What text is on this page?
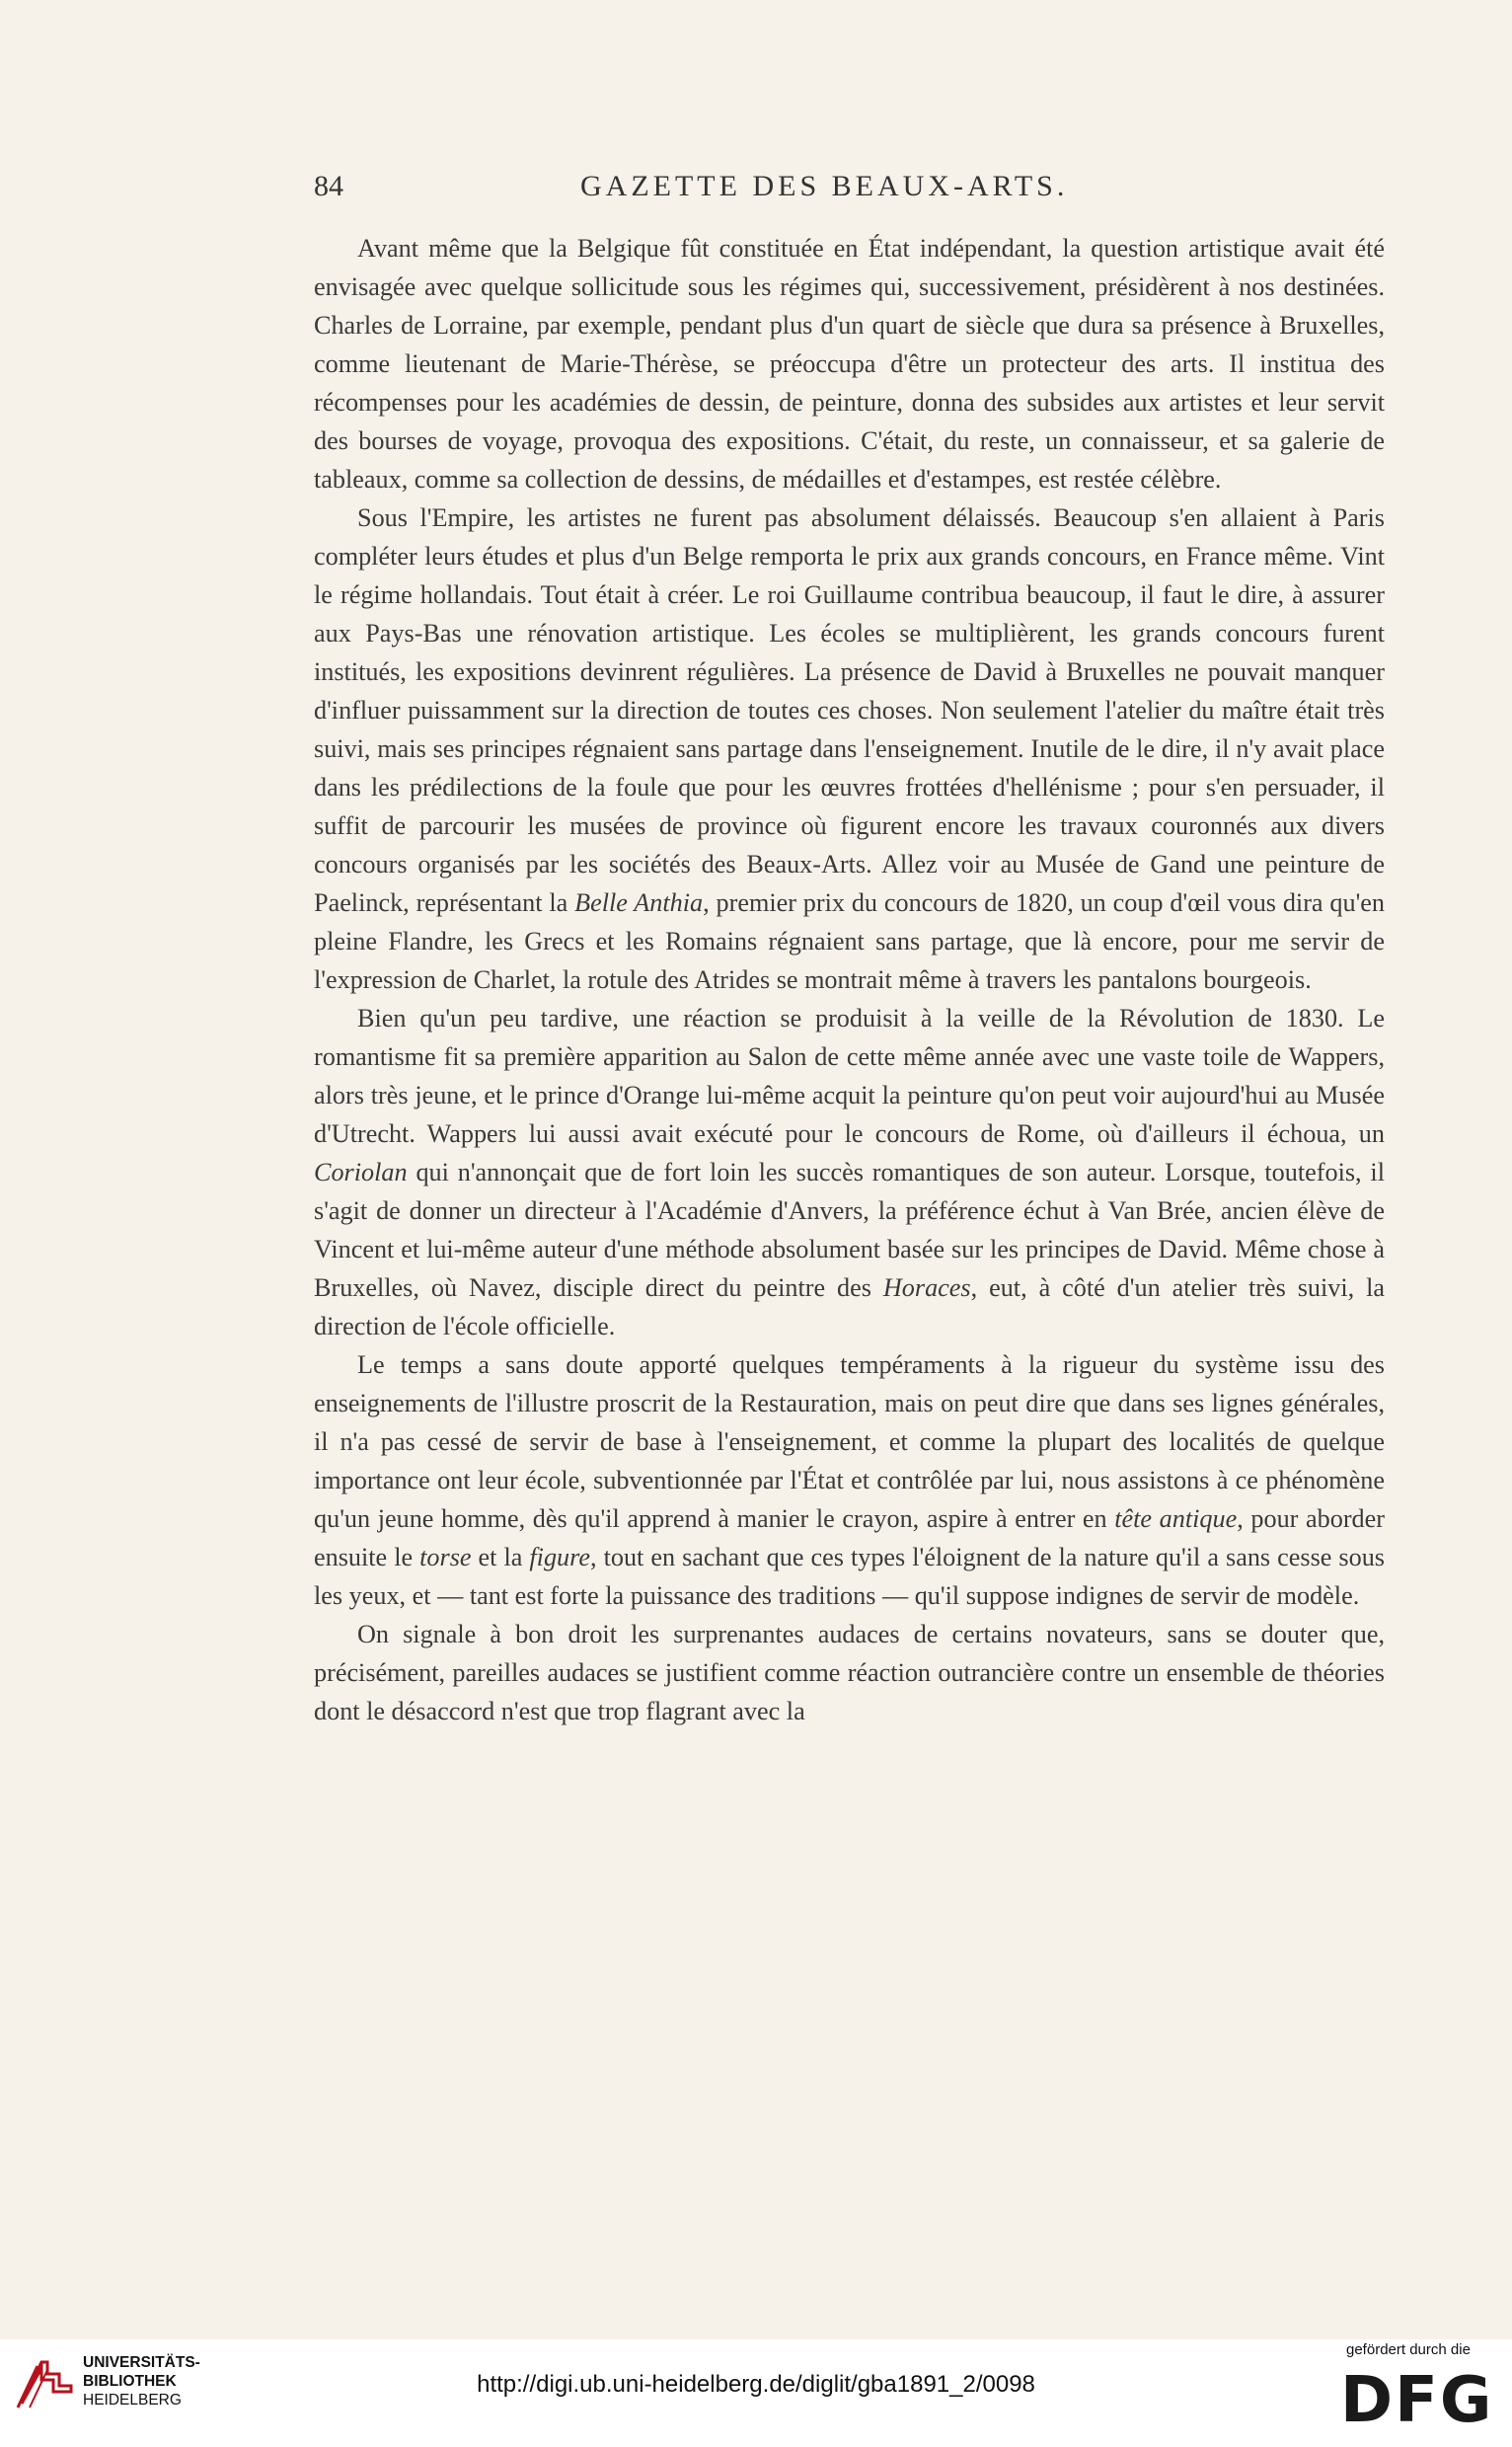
84	GAZETTE DES BEAUX-ARTS.

Avant même que la Belgique fût constituée en État indépendant, la question artistique avait été envisagée avec quelque sollicitude sous les régimes qui, successivement, présidèrent à nos destinées. Charles de Lorraine, par exemple, pendant plus d'un quart de siècle que dura sa présence à Bruxelles, comme lieutenant de Marie-Thérèse, se préoccupa d'être un protecteur des arts. Il institua des récompenses pour les académies de dessin, de peinture, donna des subsides aux artistes et leur servit des bourses de voyage, provoqua des expositions. C'était, du reste, un connaisseur, et sa galerie de tableaux, comme sa collection de dessins, de médailles et d'estampes, est restée célèbre.

Sous l'Empire, les artistes ne furent pas absolument délaissés. Beaucoup s'en allaient à Paris compléter leurs études et plus d'un Belge remporta le prix aux grands concours, en France même. Vint le régime hollandais. Tout était à créer. Le roi Guillaume contribua beaucoup, il faut le dire, à assurer aux Pays-Bas une rénovation artistique. Les écoles se multiplièrent, les grands concours furent institués, les expositions devinrent régulières. La présence de David à Bruxelles ne pouvait manquer d'influer puissamment sur la direction de toutes ces choses. Non seulement l'atelier du maître était très suivi, mais ses principes régnaient sans partage dans l'enseignement. Inutile de le dire, il n'y avait place dans les prédilections de la foule que pour les œuvres frottées d'hellénisme ; pour s'en persuader, il suffit de parcourir les musées de province où figurent encore les travaux couronnés aux divers concours organisés par les sociétés des Beaux-Arts. Allez voir au Musée de Gand une peinture de Paelinck, représentant la Belle Anthia, premier prix du concours de 1820, un coup d'œil vous dira qu'en pleine Flandre, les Grecs et les Romains régnaient sans partage, que là encore, pour me servir de l'expression de Charlet, la rotule des Atrides se montrait même à travers les pantalons bourgeois.

Bien qu'un peu tardive, une réaction se produisit à la veille de la Révolution de 1830. Le romantisme fit sa première apparition au Salon de cette même année avec une vaste toile de Wappers, alors très jeune, et le prince d'Orange lui-même acquit la peinture qu'on peut voir aujourd'hui au Musée d'Utrecht. Wappers lui aussi avait exécuté pour le concours de Rome, où d'ailleurs il échoua, un Coriolan qui n'annonçait que de fort loin les succès romantiques de son auteur. Lorsque, toutefois, il s'agit de donner un directeur à l'Académie d'Anvers, la préférence échut à Van Brée, ancien élève de Vincent et lui-même auteur d'une méthode absolument basée sur les principes de David. Même chose à Bruxelles, où Navez, disciple direct du peintre des Horaces, eut, à côté d'un atelier très suivi, la direction de l'école officielle.

Le temps a sans doute apporté quelques tempéraments à la rigueur du système issu des enseignements de l'illustre proscrit de la Restauration, mais on peut dire que dans ses lignes générales, il n'a pas cessé de servir de base à l'enseignement, et comme la plupart des localités de quelque importance ont leur école, subventionnée par l'État et contrôlée par lui, nous assistons à ce phénomène qu'un jeune homme, dès qu'il apprend à manier le crayon, aspire à entrer en tête antique, pour aborder ensuite le torse et la figure, tout en sachant que ces types l'éloignent de la nature qu'il a sans cesse sous les yeux, et — tant est forte la puissance des traditions — qu'il suppose indignes de servir de modèle.

On signale à bon droit les surprenantes audaces de certains novateurs, sans se douter que, précisément, pareilles audaces se justifient comme réaction outrancière contre un ensemble de théories dont le désaccord n'est que trop flagrant avec la

UNIVERSITÄTS-
BIBLIOTHEK
HEIDELBERG
http://digi.ub.uni-heidelberg.de/diglit/gba1891_2/0098
gefördert durch die
DFG
